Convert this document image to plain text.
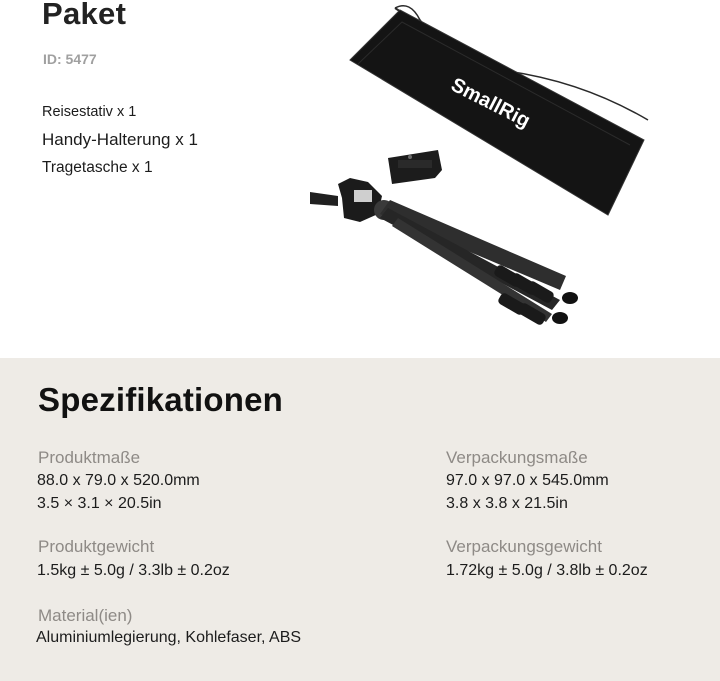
Paket
ID: 5477
Reisestativ x 1
Handy-Halterung x 1
Tragetasche x 1
SmallRig
Spezifikationen
Produktmaße
88.0 x 79.0 x 520.0mm
3.5 × 3.1 × 20.5in
Verpackungsmaße
97.0 x 97.0 x 545.0mm
3.8 x 3.8 x 21.5in
Produktgewicht
1.5kg ± 5.0g / 3.3lb ± 0.2oz
Verpackungsgewicht
1.72kg ± 5.0g / 3.8lb ± 0.2oz
Material(ien)
Aluminiumlegierung, Kohlefaser, ABS
